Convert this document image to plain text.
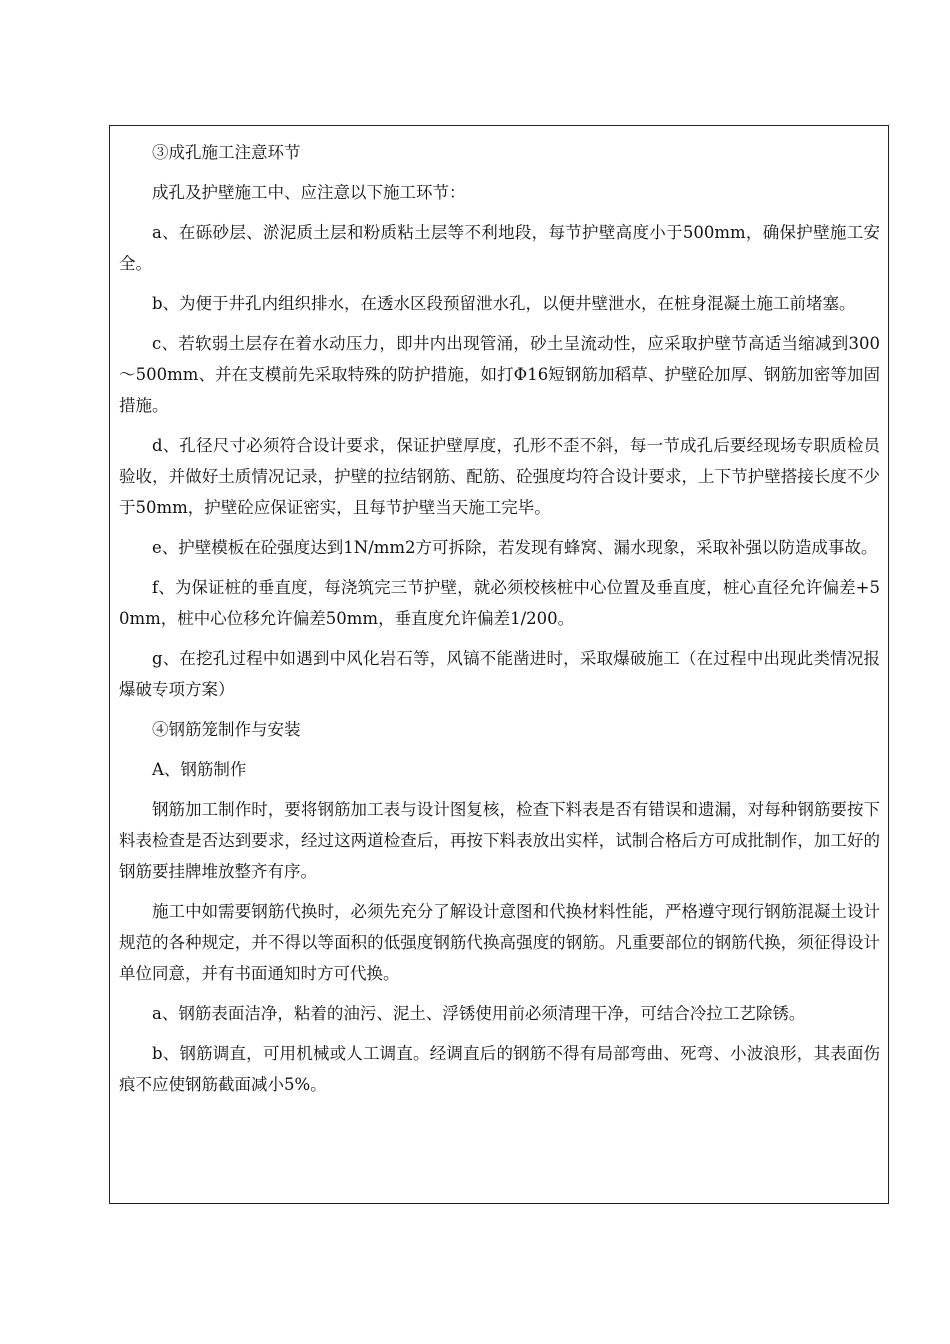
③成孔施工注意环节

成孔及护壁施工中、应注意以下施工环节：

a、在砾砂层、淤泥质土层和粉质粘土层等不利地段，每节护壁高度小于500mm，确保护壁施工安全。

b、为便于井孔内组织排水，在透水区段预留泄水孔，以便井壁泄水，在桩身混凝土施工前堵塞。

c、若软弱土层存在着水动压力，即井内出现管涌，砂土呈流动性，应采取护壁节高适当缩减到300～500mm、并在支模前先采取特殊的防护措施，如打Φ16短钢筋加稻草、护壁砼加厚、钢筋加密等加固措施。

d、孔径尺寸必须符合设计要求，保证护壁厚度，孔形不歪不斜，每一节成孔后要经现场专职质检员验收，并做好土质情况记录，护壁的拉结钢筋、配筋、砼强度均符合设计要求，上下节护壁搭接长度不少于50mm，护壁砼应保证密实，且每节护壁当天施工完毕。

e、护壁模板在砼强度达到1N/mm2方可拆除，若发现有蜂窝、漏水现象，采取补强以防造成事故。

f、为保证桩的垂直度，每浇筑完三节护壁，就必须校核桩中心位置及垂直度，桩心直径允许偏差+50mm，桩中心位移允许偏差50mm，垂直度允许偏差1/200。

g、在挖孔过程中如遇到中风化岩石等，风镐不能凿进时，采取爆破施工（在过程中出现此类情况报爆破专项方案）

④钢筋笼制作与安装

A、钢筋制作

钢筋加工制作时，要将钢筋加工表与设计图复核，检查下料表是否有错误和遗漏，对每种钢筋要按下料表检查是否达到要求，经过这两道检查后，再按下料表放出实样，试制合格后方可成批制作，加工好的钢筋要挂牌堆放整齐有序。

施工中如需要钢筋代换时，必须先充分了解设计意图和代换材料性能，严格遵守现行钢筋混凝土设计规范的各种规定，并不得以等面积的低强度钢筋代换高强度的钢筋。凡重要部位的钢筋代换，须征得设计单位同意，并有书面通知时方可代换。

a、钢筋表面洁净，粘着的油污、泥土、浮锈使用前必须清理干净，可结合冷拉工艺除锈。

b、钢筋调直，可用机械或人工调直。经调直后的钢筋不得有局部弯曲、死弯、小波浪形，其表面伤痕不应使钢筋截面减小5%。
